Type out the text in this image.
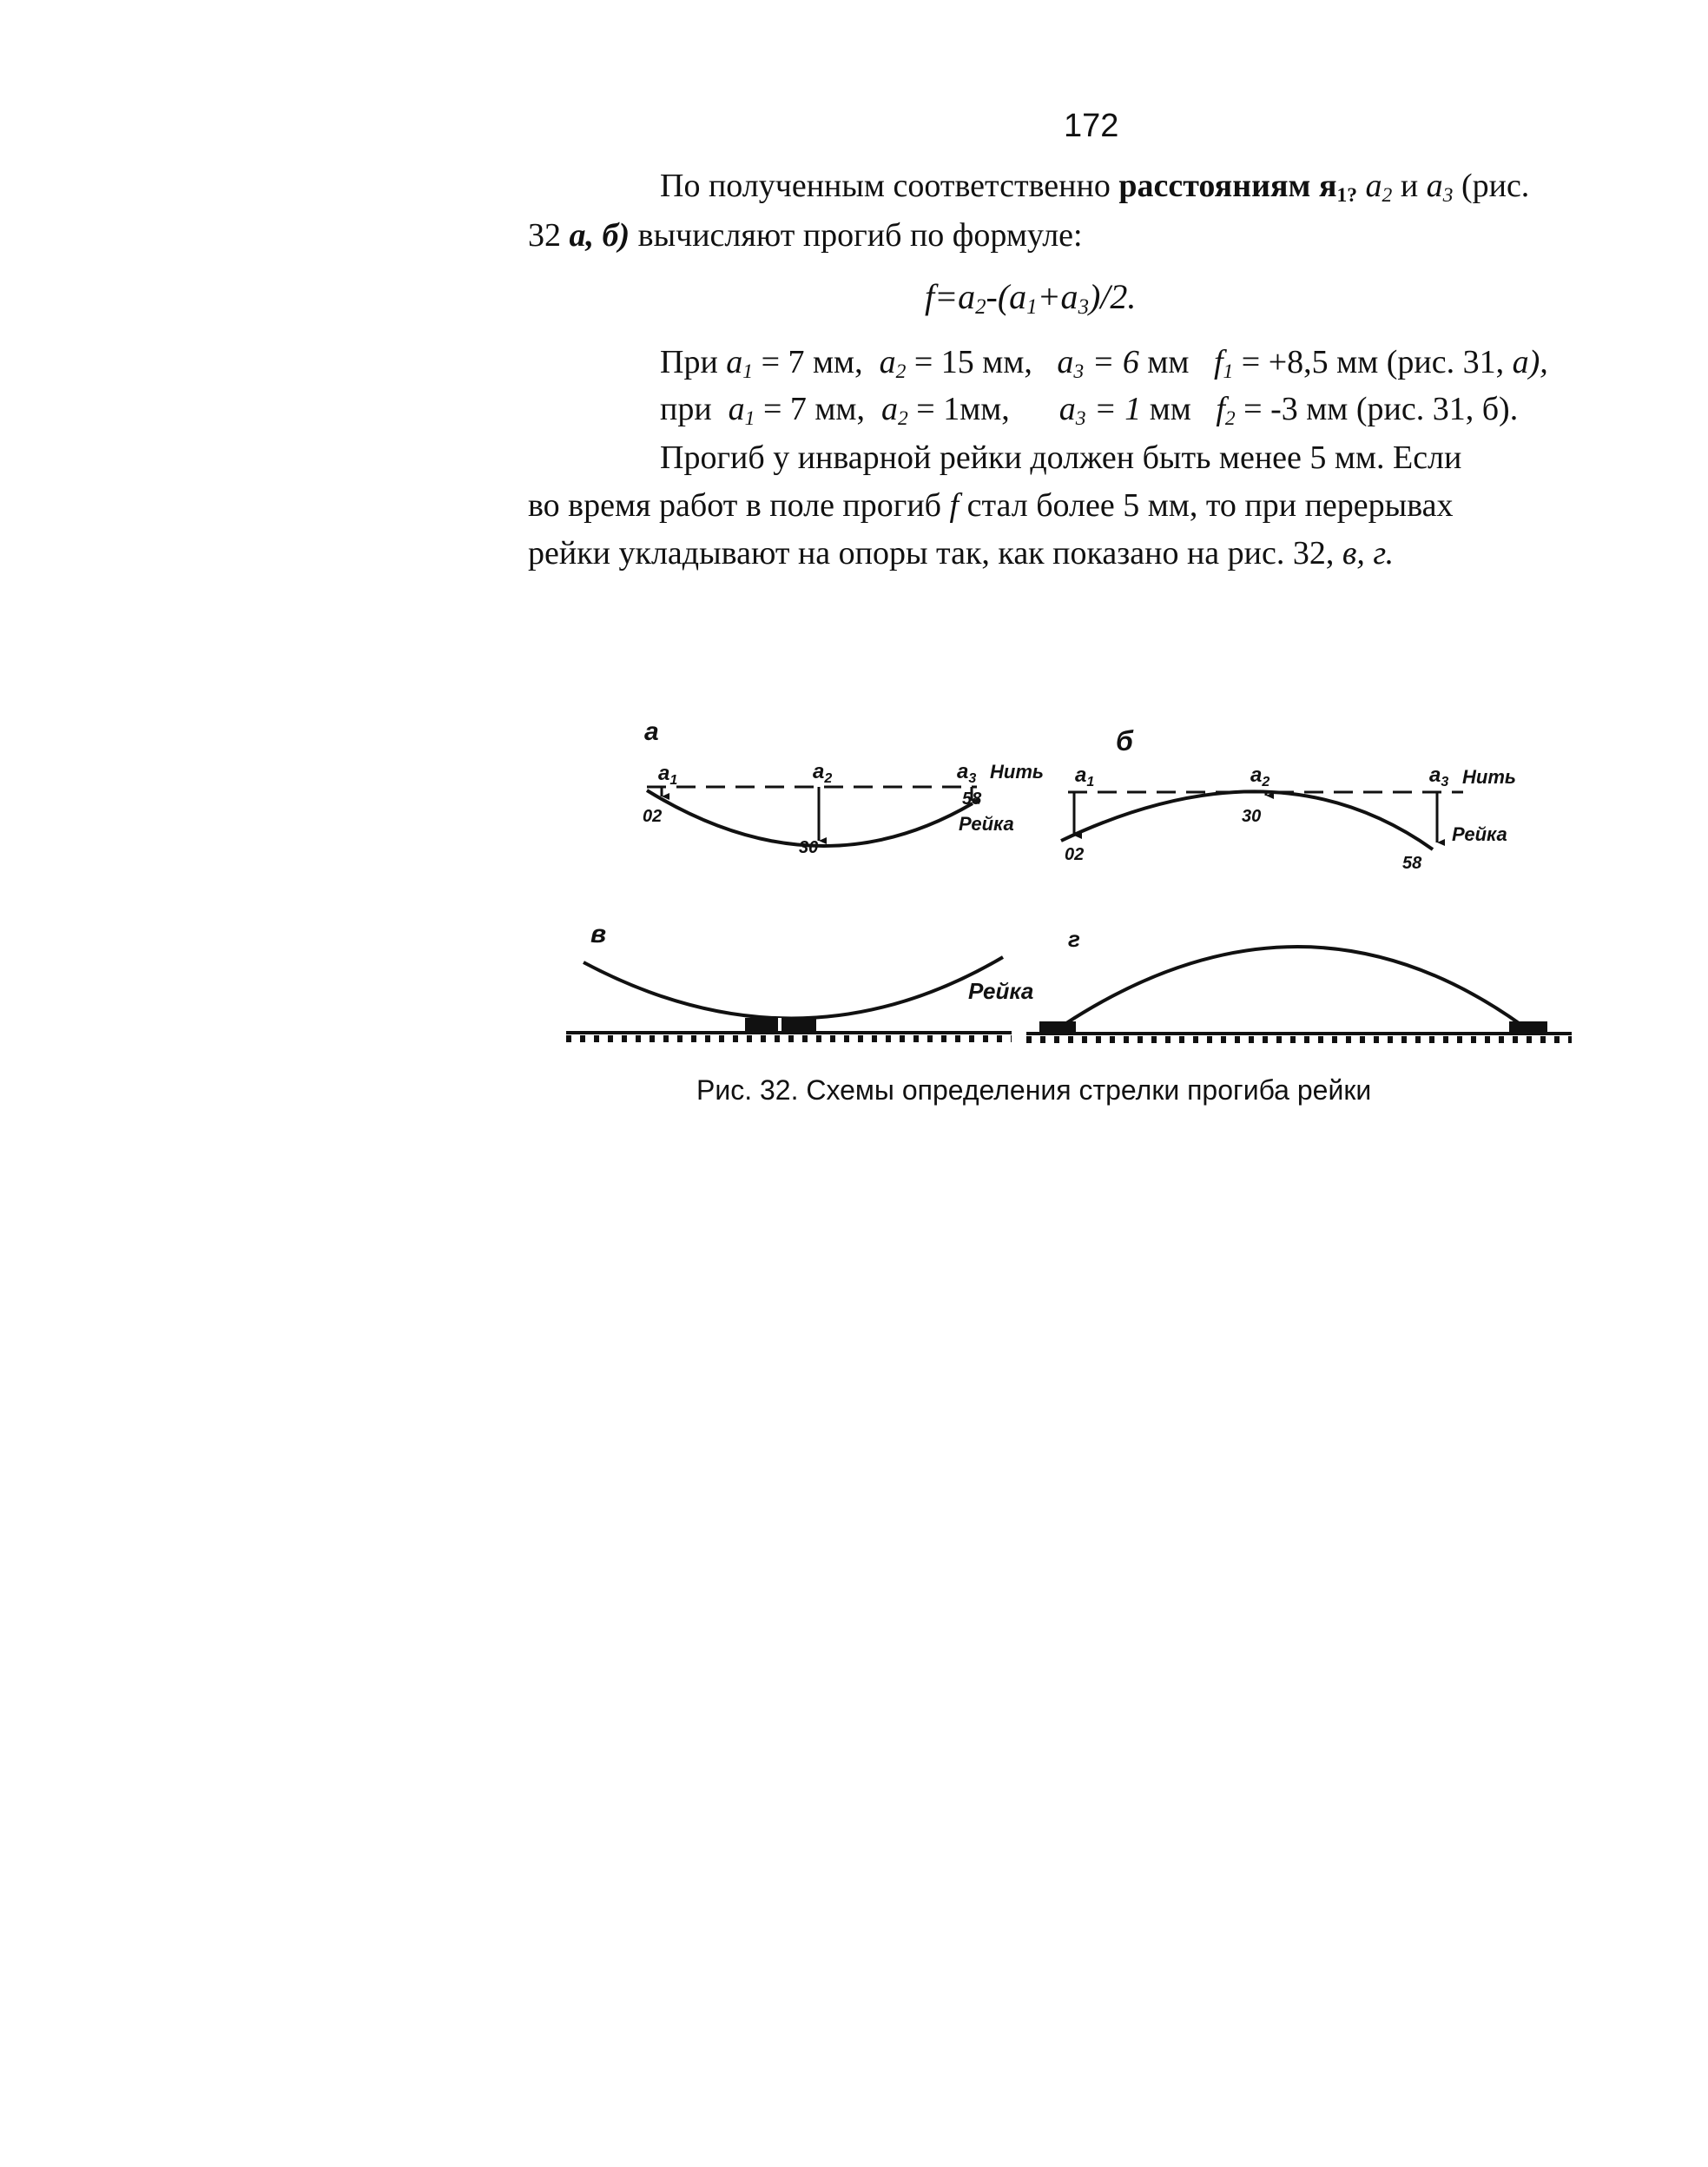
172
По полученным соответственно расстояниям $я_{1?}$ $a_2$ и $a_3$ (рис.
32 а, б) вычисляют прогиб по формуле:
$f=a_2-(a_1+a_3)/2$.
При $a_1 = 7$ мм, $a_2 = 15$ мм, $a_3 = 6$ мм $f_1 = +8,5$ мм (рис. 31, а),
при $a_1 = 7$ мм, $a_2 = 1мм$, $a_3 = 1$ мм $f_2 = -3$ мм (рис. 31, б).
Прогиб у инварной рейки должен быть менее 5 мм. Если
во время работ в поле прогиб f стал более 5 мм, то при перерывах
рейки укладывают на опоры так, как показано на рис. 32, в, г.
а
$a_1$	$a_2$	$a_3$ Нить
Рейка
02
30
58
б
$a_1$	$a_2$	$a_3$ Нить
Рейка
02
30
58
в
Рейка
г
Рис. 32. Схемы определения стрелки прогиба рейки
